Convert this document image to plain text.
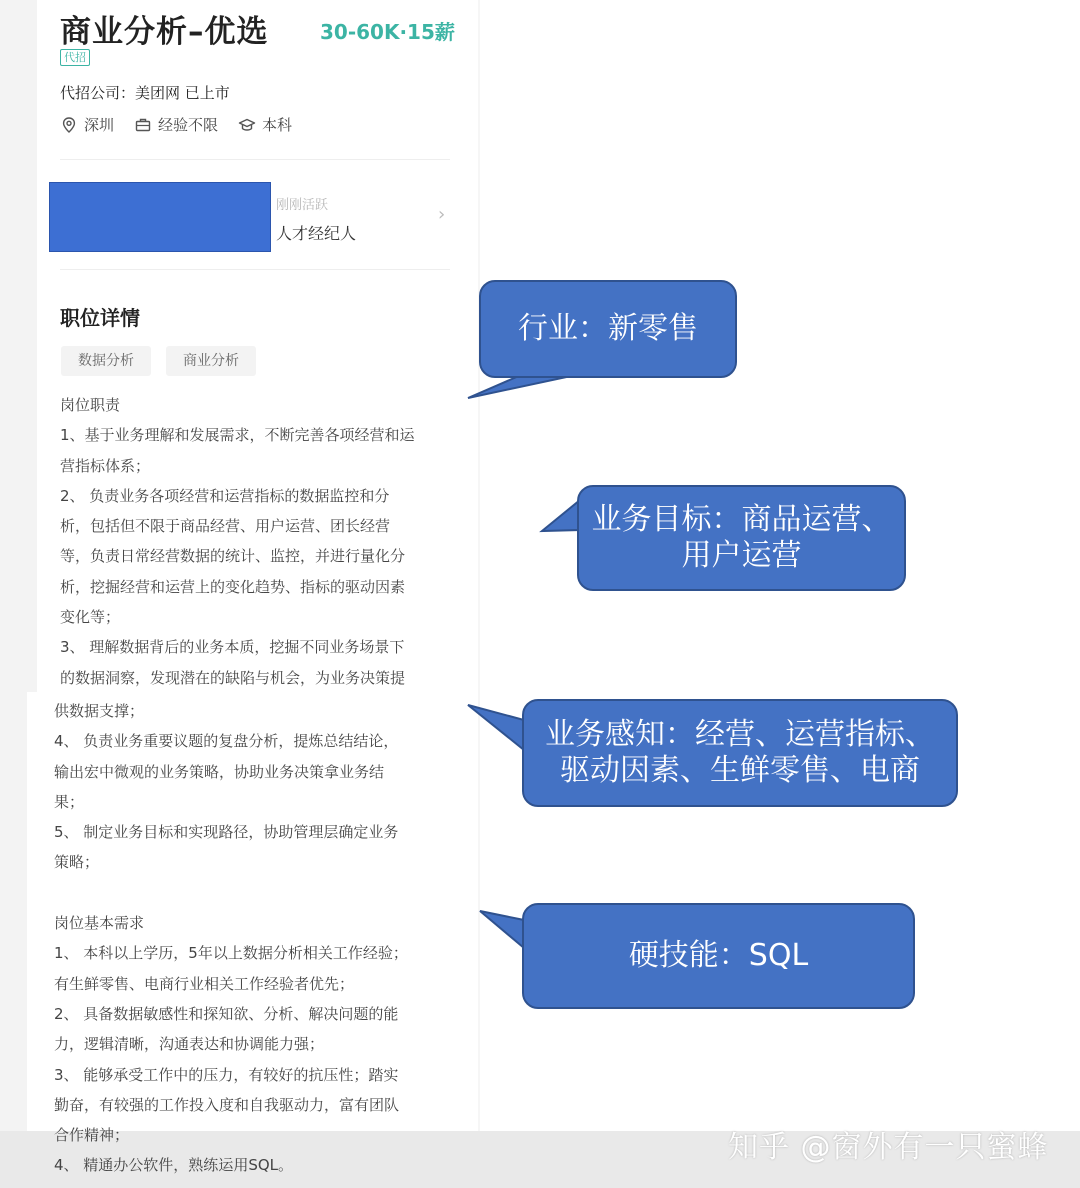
商业分析–优选	30-60K·15薪
代招
代招公司：美团网 已上市
深圳	经验不限	本科
刚刚活跃
人才经纪人
›
职位详情
数据分析	商业分析
岗位职责
1、基于业务理解和发展需求，不断完善各项经营和运
营指标体系；
2、 负责业务各项经营和运营指标的数据监控和分
析，包括但不限于商品经营、用户运营、团长经营
等，负责日常经营数据的统计、监控，并进行量化分
析，挖掘经营和运营上的变化趋势、指标的驱动因素
变化等；
3、 理解数据背后的业务本质，挖掘不同业务场景下
的数据洞察，发现潜在的缺陷与机会，为业务决策提
供数据支撑；
4、 负责业务重要议题的复盘分析，提炼总结结论，
输出宏中微观的业务策略，协助业务决策拿业务结
果；
5、 制定业务目标和实现路径，协助管理层确定业务
策略；
岗位基本需求
1、 本科以上学历，5年以上数据分析相关工作经验；
有生鲜零售、电商行业相关工作经验者优先；
2、 具备数据敏感性和探知欲、分析、解决问题的能
力，逻辑清晰，沟通表达和协调能力强；
3、 能够承受工作中的压力，有较好的抗压性；踏实
勤奋，有较强的工作投入度和自我驱动力，富有团队
合作精神；
4、 精通办公软件，熟练运用SQL。
行业：新零售
业务目标：商品运营、
用户运营
业务感知：经营、运营指标、
驱动因素、生鲜零售、电商
硬技能：SQL
知乎 @窗外有一只蜜蜂
